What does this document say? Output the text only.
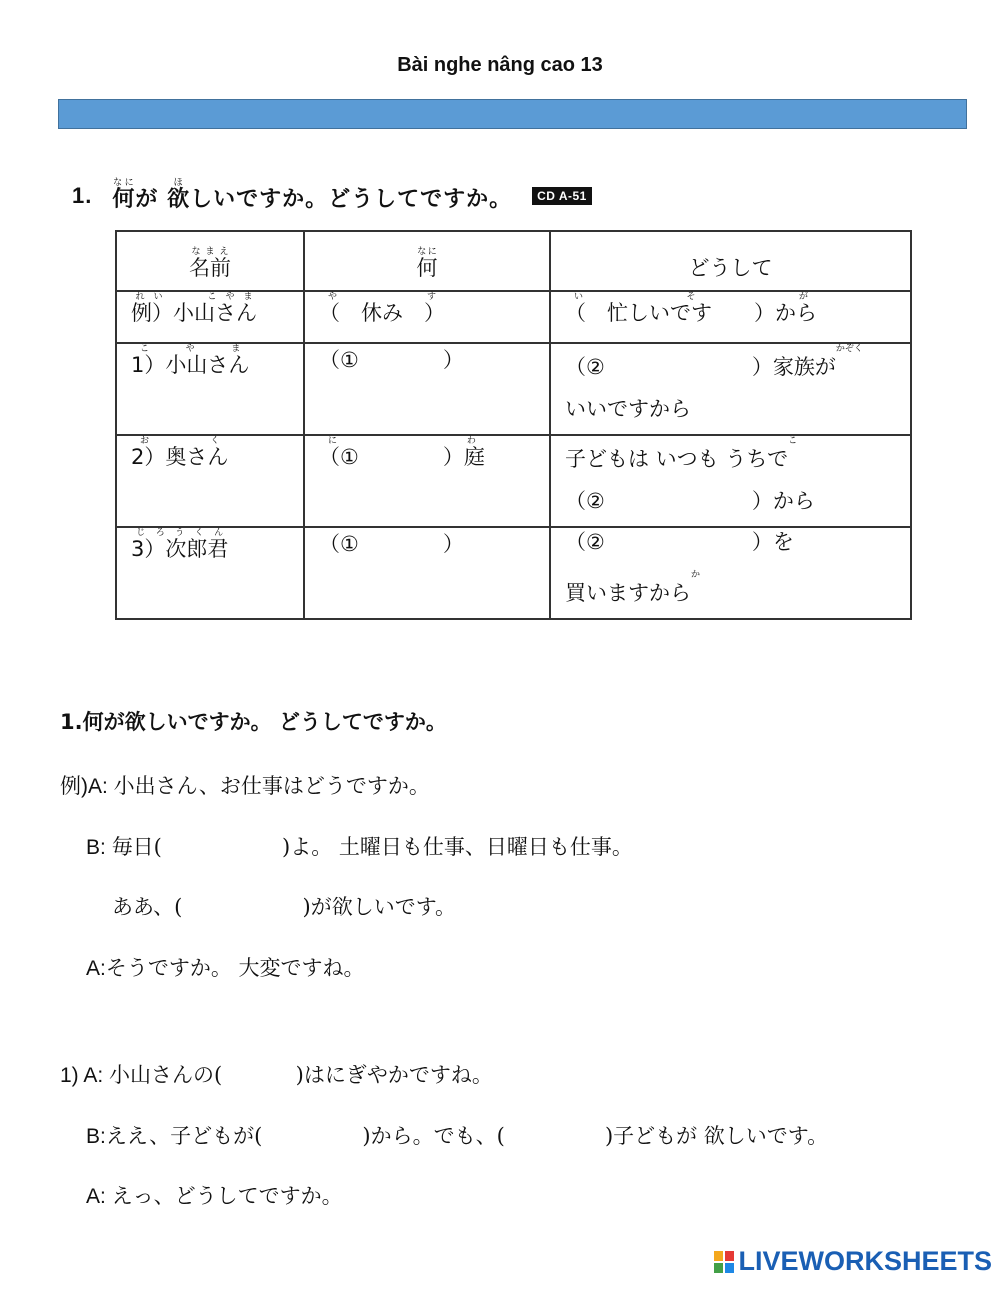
Bài nghe nâng cao 13
1. 何なにが 欲ほしいですか。どうしてですか。	CD A-51
名前なまえ	何なに	どうして
例）小山さんれい　　こやま	（　休み　）やす	（　忙しいです　　）からいそが
1）小山さんこやま	（①　　　　）	（②　　　　　　　）家族がかぞく
いいですから

2）奥さんおく	（①　　　　）庭にわ	子どもは いつも うちでこ
（②　　　　　　　）から

3）次郎君じろうくん	（①　　　　）	（②　　　　　　　）を
買いますからか
1.何が欲しいですか。 どうしてですか。
例)A: 小出さん、お仕事はどうですか。
B: 毎日(                  )よ。 土曜日も仕事、日曜日も仕事。
ああ、(                  )が欲しいです。
A:そうですか。 大変ですね。
1) A: 小山さんの(           )はにぎやかですね。
B:ええ、子どもが(               )から。でも、(               )子どもが 欲しいです。
A: えっ、どうしてですか。
LIVEWORKSHEETS
